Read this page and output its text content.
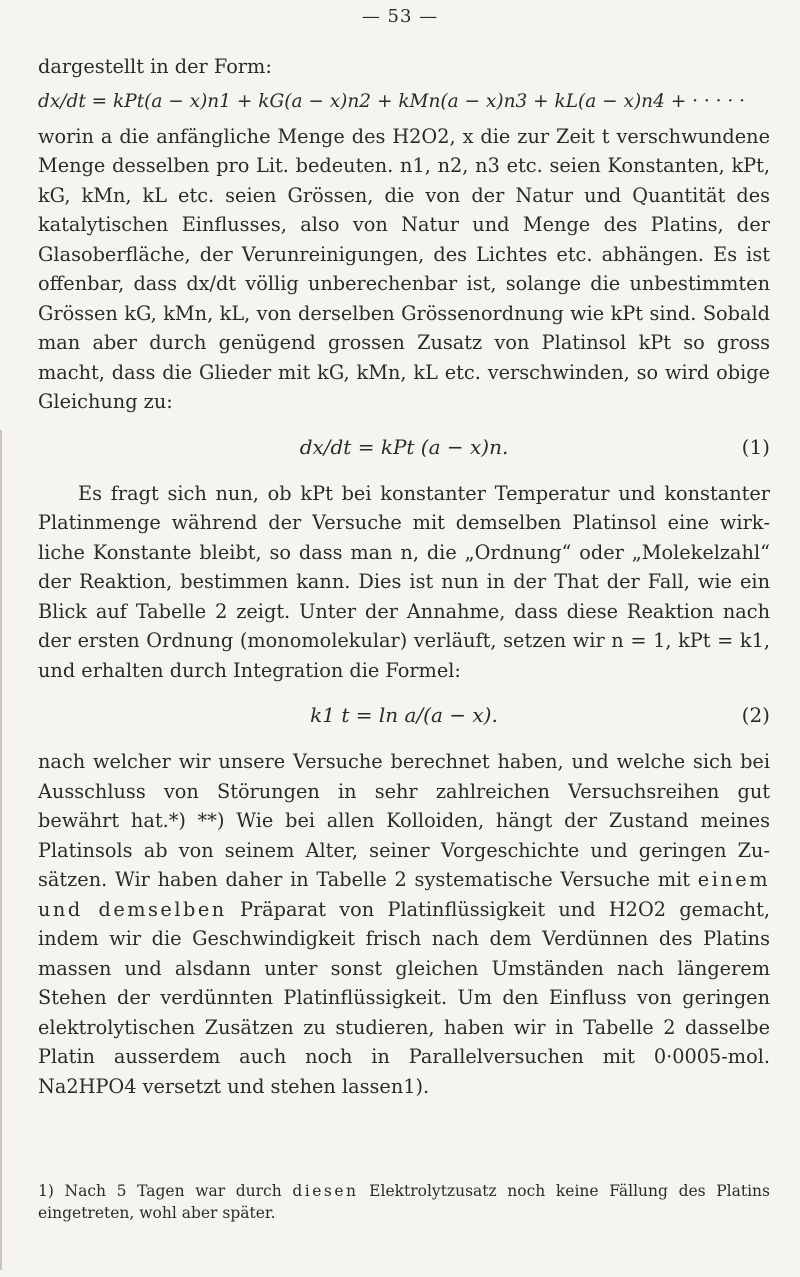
— 53 —

dargestellt in der Form:

dx/dt = kPt(a − x)n1 + kG(a − x)n2 + kMn(a − x)n3 + kL(a − x)n4 + · · · · ·

worin a die anfängliche Menge des H2O2, x die zur Zeit t verschwundene Menge desselben pro Lit. bedeuten. n1, n2, n3 etc. seien Konstanten, kPt, kG, kMn, kL etc. seien Grössen, die von der Natur und Quantität des katalytischen Einflusses, also von Natur und Menge des Platins, der Glasoberfläche, der Verunreinigungen, des Lichtes etc. abhängen. Es ist offenbar, dass dx/dt völlig unberechenbar ist, solange die unbestimmten Grössen kG, kMn, kL, von derselben Grössenordnung wie kPt sind. Sobald man aber durch genügend grossen Zusatz von Platinsol kPt so gross macht, dass die Glieder mit kG, kMn, kL etc. verschwinden, so wird obige Gleichung zu:

dx/dt = kPt (a − x)n.	(1)

Es fragt sich nun, ob kPt bei konstanter Temperatur und konstanter Platinmenge während der Versuche mit demselben Platinsol eine wirkliche Konstante bleibt, so dass man n, die „Ordnung“ oder „Molekelzahl“ der Reaktion, bestimmen kann. Dies ist nun in der That der Fall, wie ein Blick auf Tabelle 2 zeigt. Unter der Annahme, dass diese Reaktion nach der ersten Ordnung (monomolekular) verläuft, setzen wir n = 1, kPt = k1, und erhalten durch Integration die Formel:

k1 t = ln a/(a − x).	(2)

nach welcher wir unsere Versuche berechnet haben, und welche sich bei Ausschluss von Störungen in sehr zahlreichen Versuchsreihen gut bewährt hat.*) **) Wie bei allen Kolloiden, hängt der Zustand meines Platinsols ab von seinem Alter, seiner Vorgeschichte und geringen Zusätzen. Wir haben daher in Tabelle 2 systematische Versuche mit einem und demselben Präparat von Platinflüssigkeit und H2O2 gemacht, indem wir die Geschwindigkeit frisch nach dem Verdünnen des Platins massen und alsdann unter sonst gleichen Umständen nach längerem Stehen der verdünnten Platinflüssigkeit. Um den Einfluss von geringen elektrolytischen Zusätzen zu studieren, haben wir in Tabelle 2 dasselbe Platin ausserdem auch noch in Parallelversuchen mit 0·0005-mol. Na2HPO4 versetzt und stehen lassen1).

1) Nach 5 Tagen war durch diesen Elektrolytzusatz noch keine Fällung des Platins eingetreten, wohl aber später.
